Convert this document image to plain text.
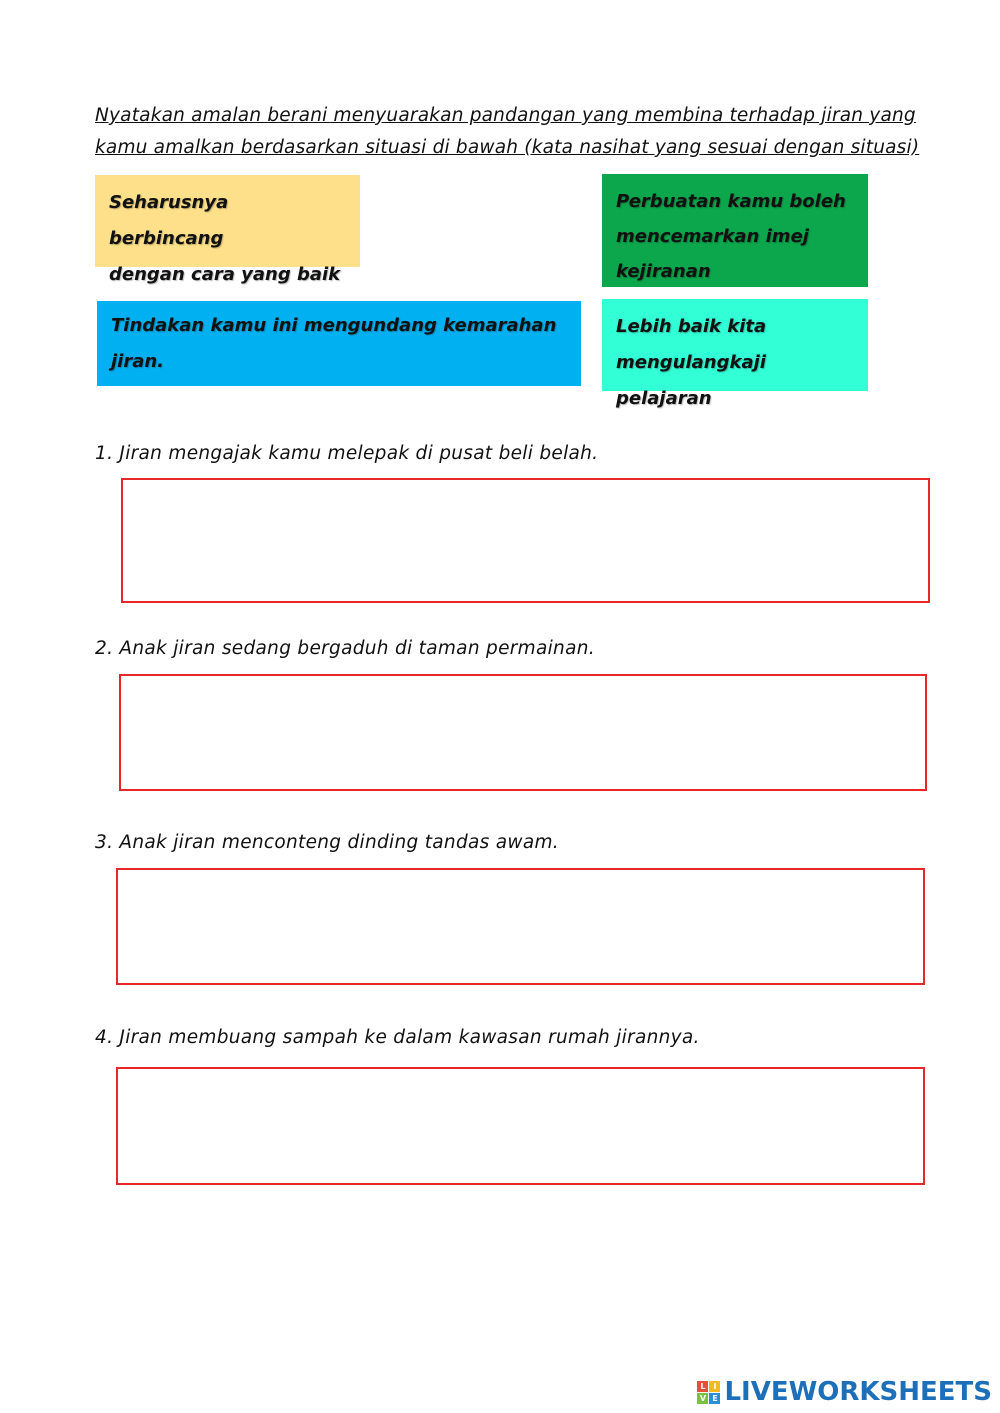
Nyatakan amalan berani menyuarakan pandangan yang membina terhadap jiran yang
kamu amalkan berdasarkan situasi di bawah (kata nasihat yang sesuai dengan situasi)
Seharusnya berbincang
dengan cara yang baik
Perbuatan kamu boleh
mencemarkan imej
kejiranan
Tindakan kamu ini mengundang kemarahan jiran.
Lebih baik kita
mengulangkaji pelajaran
1. Jiran mengajak kamu melepak di pusat beli belah.
2. Anak jiran sedang bergaduh di taman permainan.
3. Anak jiran menconteng dinding tandas awam.
4. Jiran membuang sampah ke dalam kawasan rumah jirannya.
L I
V E LIVEWORKSHEETS
